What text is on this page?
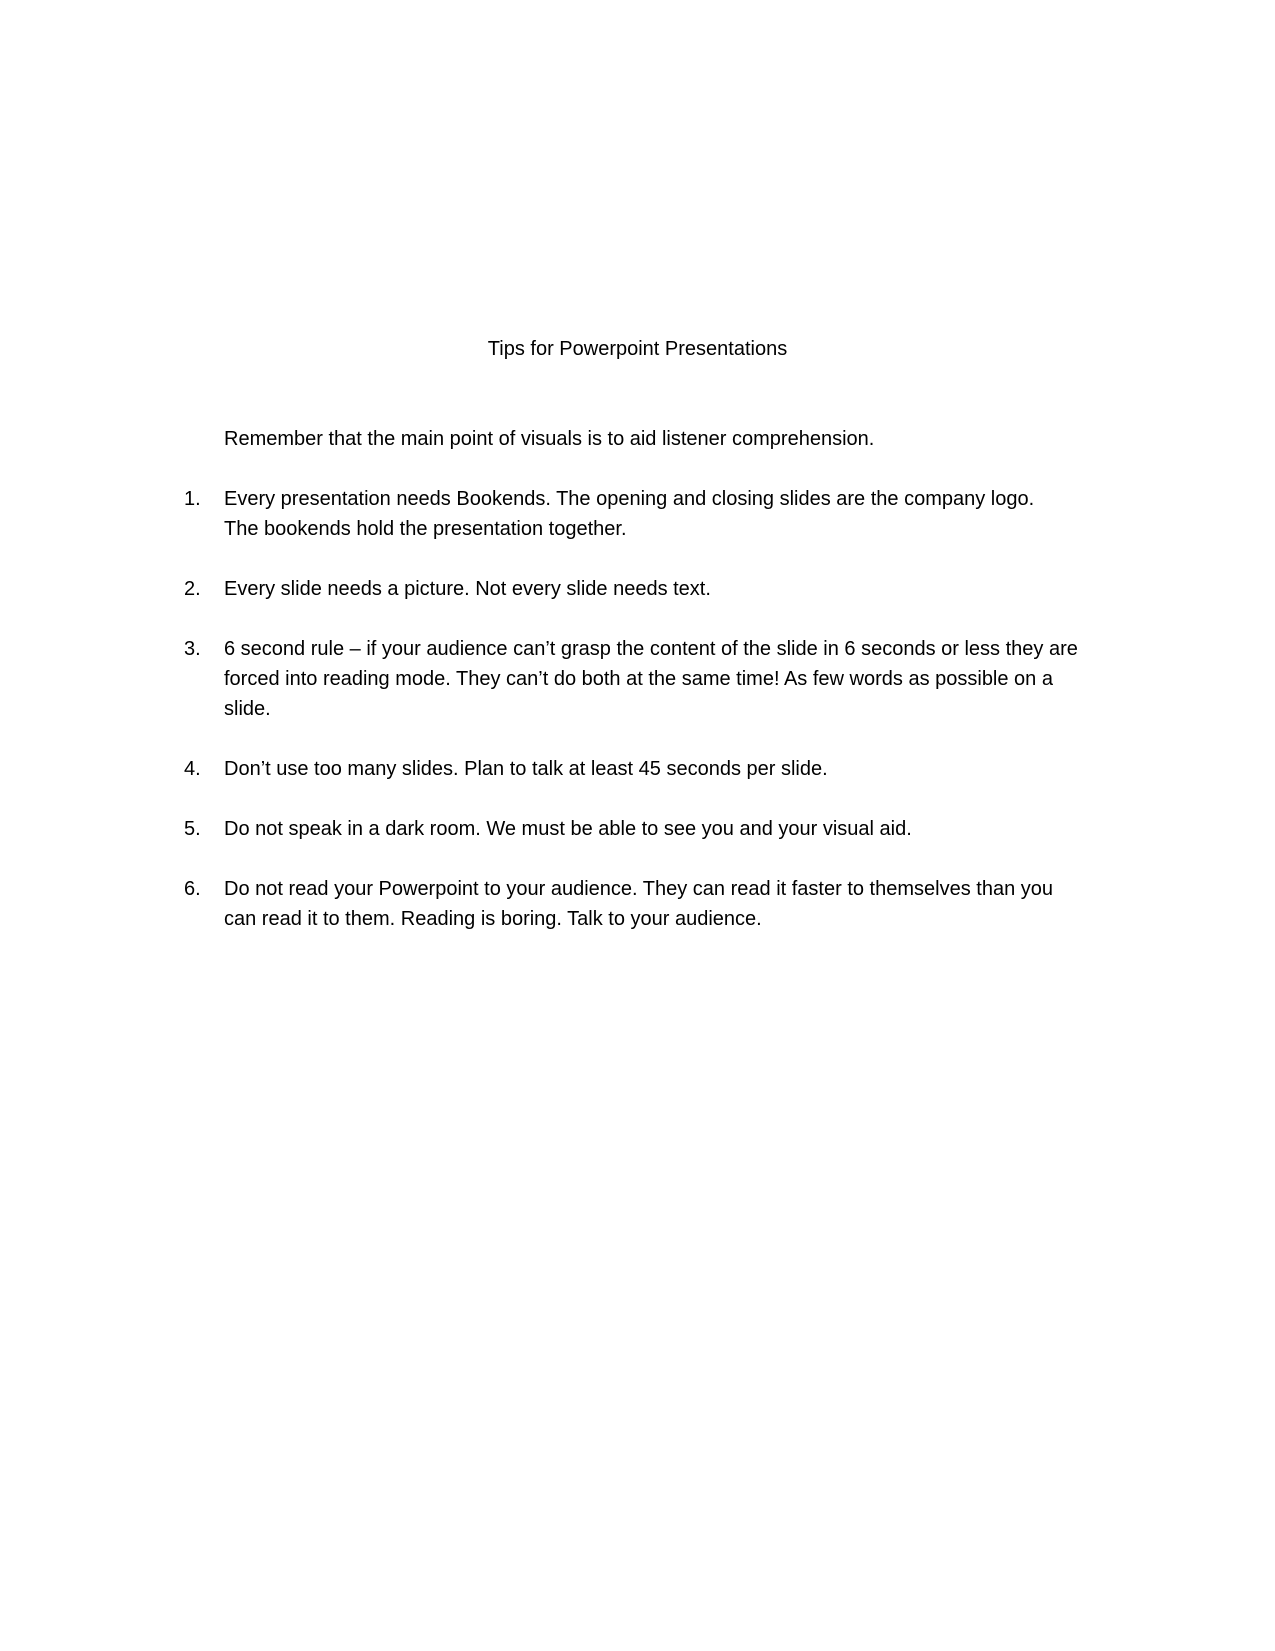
Tips for Powerpoint Presentations

Remember that the main point of visuals is to aid listener comprehension.

1.	Every presentation needs Bookends. The opening and closing slides are the company logo.
The bookends hold the presentation together.
2.	Every slide needs a picture. Not every slide needs text.
3.	6 second rule – if your audience can’t grasp the content of the slide in 6 seconds or less they are
forced into reading mode. They can’t do both at the same time! As few words as possible on a
slide.
4.	Don’t use too many slides. Plan to talk at least 45 seconds per slide.
5.	Do not speak in a dark room. We must be able to see you and your visual aid.
6.	Do not read your Powerpoint to your audience. They can read it faster to themselves than you
can read it to them. Reading is boring. Talk to your audience.
